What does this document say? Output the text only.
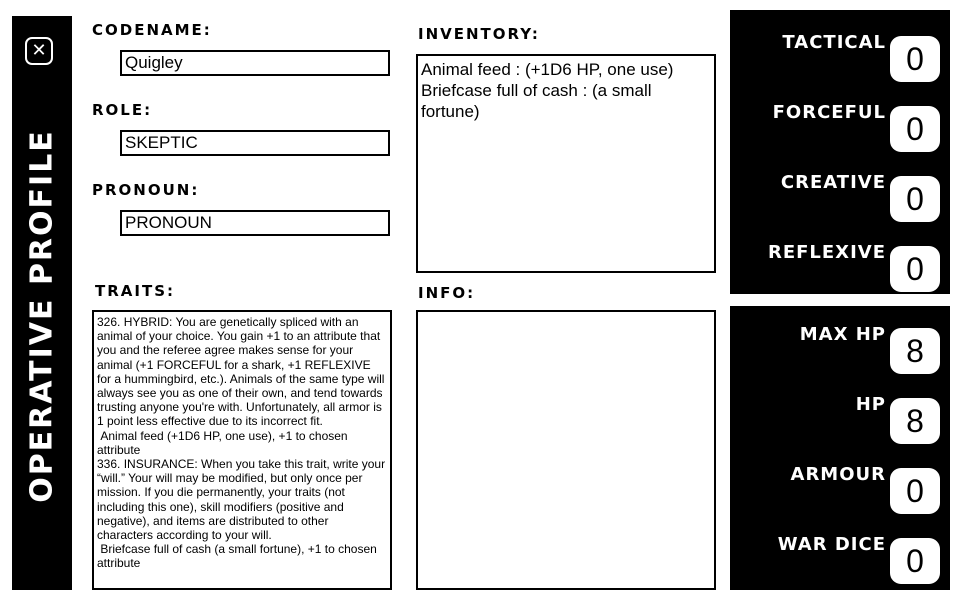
✕
OPERATIVE PROFILE
CODENAME:
Quigley
ROLE:
SKEPTIC
PRONOUN:
PRONOUN
TRAITS:
326. HYBRID: You are genetically spliced with an animal of your choice. You gain +1 to an attribute that you and the referee agree makes sense for your animal (+1 FORCEFUL for a shark, +1 REFLEXIVE for a hummingbird, etc.). Animals of the same type will always see you as one of their own, and tend towards trusting anyone you're with. Unfortunately, all armor is 1 point less effective due to its incorrect fit.
Animal feed (+1D6 HP, one use), +1 to chosen attribute
336. INSURANCE: When you take this trait, write your “will.” Your will may be modified, but only once per mission. If you die permanently, your traits (not including this one), skill modifiers (positive and negative), and items are distributed to other characters according to your will.
Briefcase full of cash (a small fortune), +1 to chosen attribute
INVENTORY:
Animal feed : (+1D6 HP, one use)
Briefcase full of cash : (a small fortune)
INFO:
TACTICAL 0
FORCEFUL 0
CREATIVE 0
REFLEXIVE 0
MAX HP 8
HP 8
ARMOUR 0
WAR DICE 0
